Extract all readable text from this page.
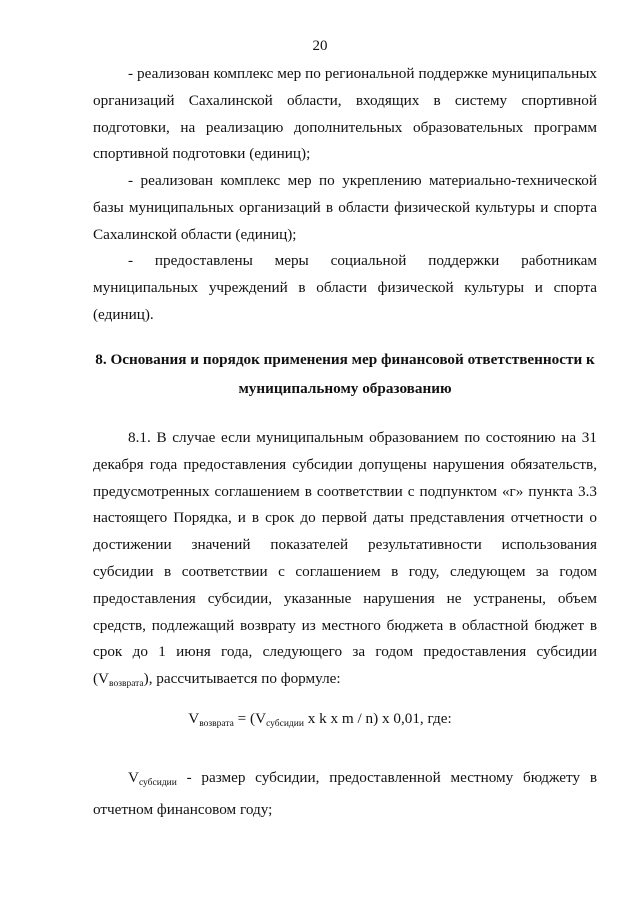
20

- реализован комплекс мер по региональной поддержке муниципальных организаций Сахалинской области, входящих в систему спортивной подготовки, на реализацию дополнительных образовательных программ спортивной подготовки (единиц);

- реализован комплекс мер по укреплению материально-технической базы муниципальных организаций в области физической культуры и спорта Сахалинской области (единиц);

- предоставлены меры социальной поддержки работникам муниципальных учреждений в области физической культуры и спорта (единиц).

8. Основания и порядок применения мер финансовой ответственности к муниципальному образованию

8.1. В случае если муниципальным образованием по состоянию на 31 декабря года предоставления субсидии допущены нарушения обязательств, предусмотренных соглашением в соответствии с подпунктом «г» пункта 3.3 настоящего Порядка, и в срок до первой даты представления отчетности о достижении значений показателей результативности использования субсидии в соответствии с соглашением в году, следующем за годом предоставления субсидии, указанные нарушения не устранены, объем средств, подлежащий возврату из местного бюджета в областной бюджет в срок до 1 июня года, следующего за годом предоставления субсидии $(V_{возврата})$, рассчитывается по формуле:

$V_{возврата} = (V_{субсидии}$ x k x m / n) x 0,01, где:

$V_{субсидии}$ - размер субсидии, предоставленной местному бюджету в отчетном финансовом году;
